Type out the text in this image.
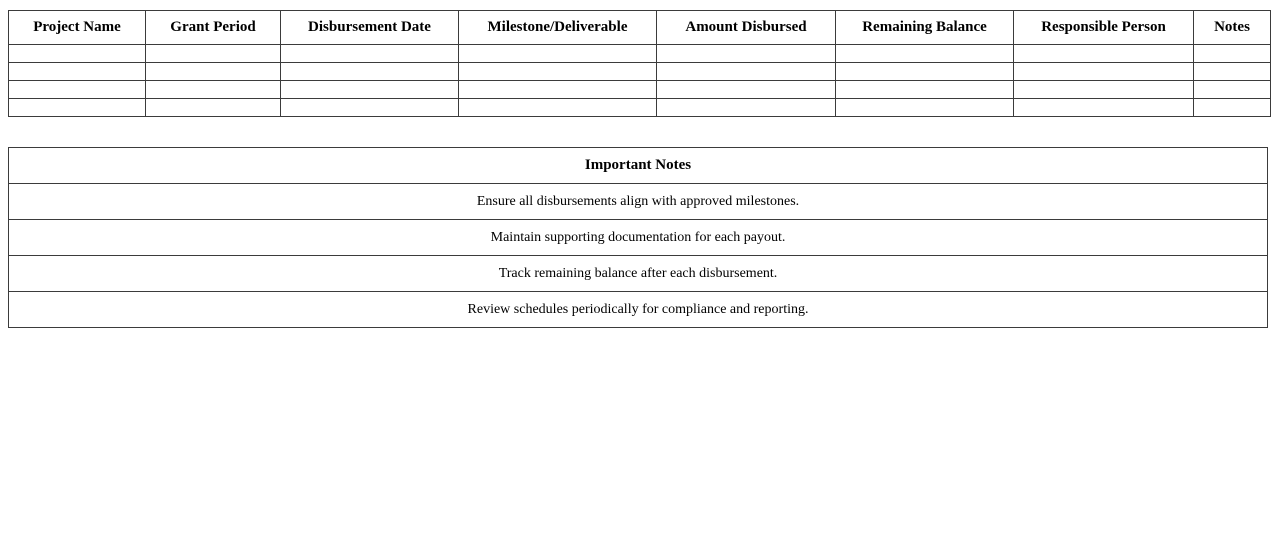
Project Name	Grant Period	Disbursement Date	Milestone/Deliverable	Amount Disbursed	Remaining Balance	Responsible Person	Notes

Important Notes
Ensure all disbursements align with approved milestones.
Maintain supporting documentation for each payout.
Track remaining balance after each disbursement.
Review schedules periodically for compliance and reporting.
